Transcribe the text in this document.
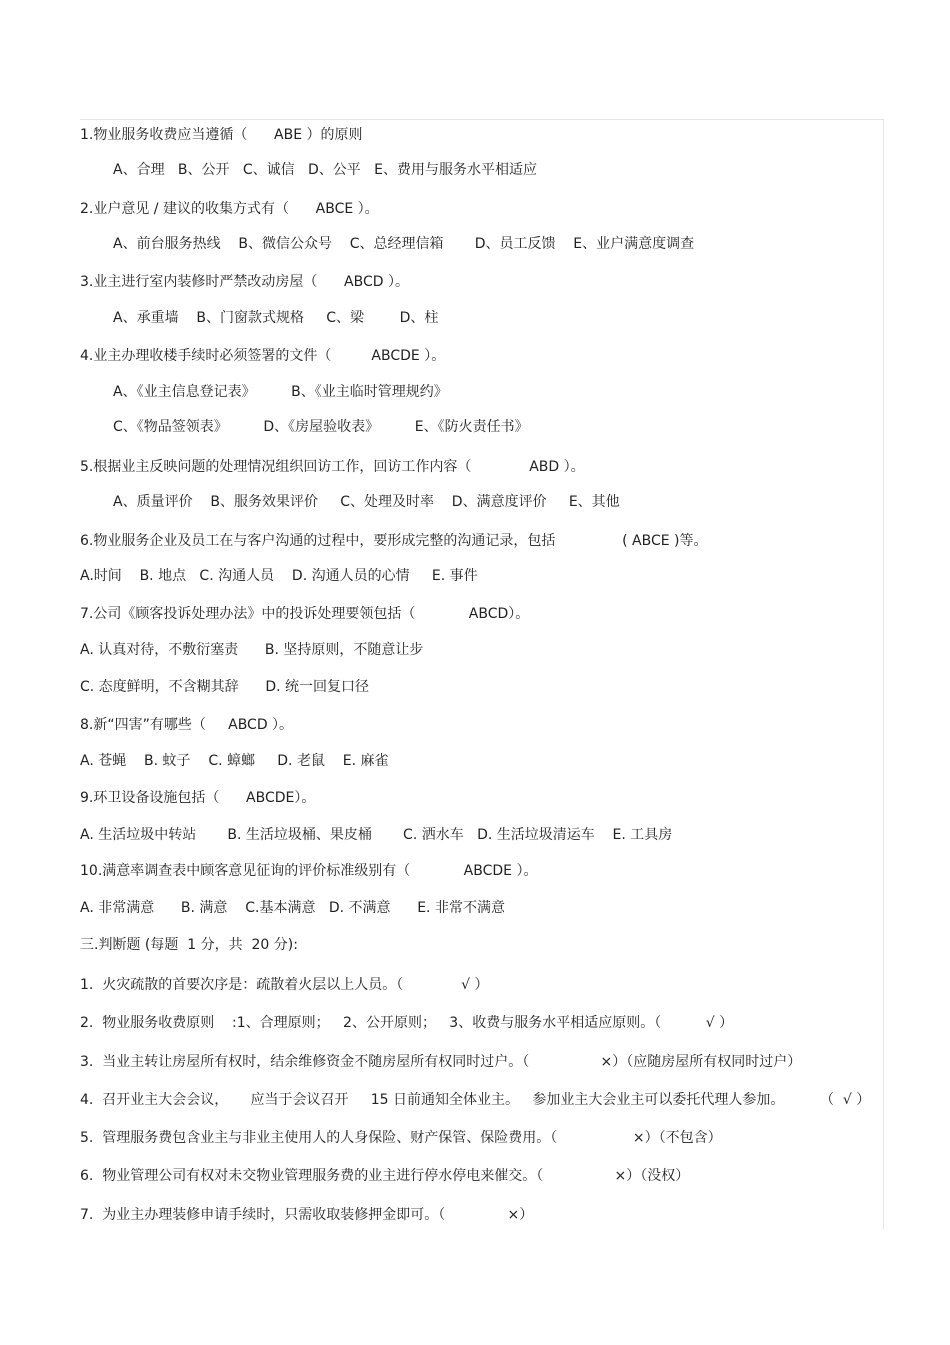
1.物业服务收费应当遵循（      ABE ）的原则
A、合理   B、公开   C、诚信   D、公平   E、费用与服务水平相适应
2.业户意见 / 建议的收集方式有（      ABCE ）。
A、前台服务热线    B、微信公众号    C、总经理信箱       D、员工反馈    E、业户满意度调查
3.业主进行室内装修时严禁改动房屋（      ABCD ）。
A、承重墙    B、门窗款式规格     C、梁        D、柱
4.业主办理收楼手续时必须签署的文件（         ABCDE ）。
A、《业主信息登记表》        B、《业主临时管理规约》
C、《物品签领表》        D、《房屋验收表》        E、《防火责任书》
5.根据业主反映问题的处理情况组织回访工作，回访工作内容（             ABD ）。
A、质量评价    B、服务效果评价     C、处理及时率    D、满意度评价     E、其他
6.物业服务企业及员工在与客户沟通的过程中，要形成完整的沟通记录，包括               ( ABCE )等。
A.时间    B. 地点   C. 沟通人员    D. 沟通人员的心情     E. 事件
7.公司《顾客投诉处理办法》中的投诉处理要领包括（            ABCD）。
A. 认真对待，不敷衍塞责      B. 坚持原则，不随意让步
C. 态度鲜明，不含糊其辞      D. 统一回复口径
8.新“四害”有哪些（     ABCD ）。
A. 苍蝇    B. 蚊子    C. 蟑螂     D. 老鼠    E. 麻雀
9.环卫设备设施包括（      ABCDE）。
A. 生活垃圾中转站       B. 生活垃圾桶、果皮桶       C. 洒水车   D. 生活垃圾清运车    E. 工具房
10.满意率调查表中顾客意见征询的评价标准级别有（            ABCDE ）。
A. 非常满意      B. 满意    C.基本满意   D. 不满意      E. 非常不满意
三.判断题 (每题  1 分，共  20 分):
1.  火灾疏散的首要次序是：疏散着火层以上人员。（             √ ）
2.  物业服务收费原则    :1、合理原则；   2、公开原则；   3、收费与服务水平相适应原则。（          √ ）
3.  当业主转让房屋所有权时，结余维修资金不随房屋所有权同时过户。（                ×）（应随房屋所有权同时过户）
4.  召开业主大会会议，     应当于会议召开     15 日前通知全体业主。   参加业主大会业主可以委托代理人参加。        （  √ ）
5.  管理服务费包含业主与非业主使用人的人身保险、财产保管、保险费用。（                 ×）（不包含）
6.  物业管理公司有权对未交物业管理服务费的业主进行停水停电来催交。（                ×）（没权）
7.  为业主办理装修申请手续时，只需收取装修押金即可。（              ×）
